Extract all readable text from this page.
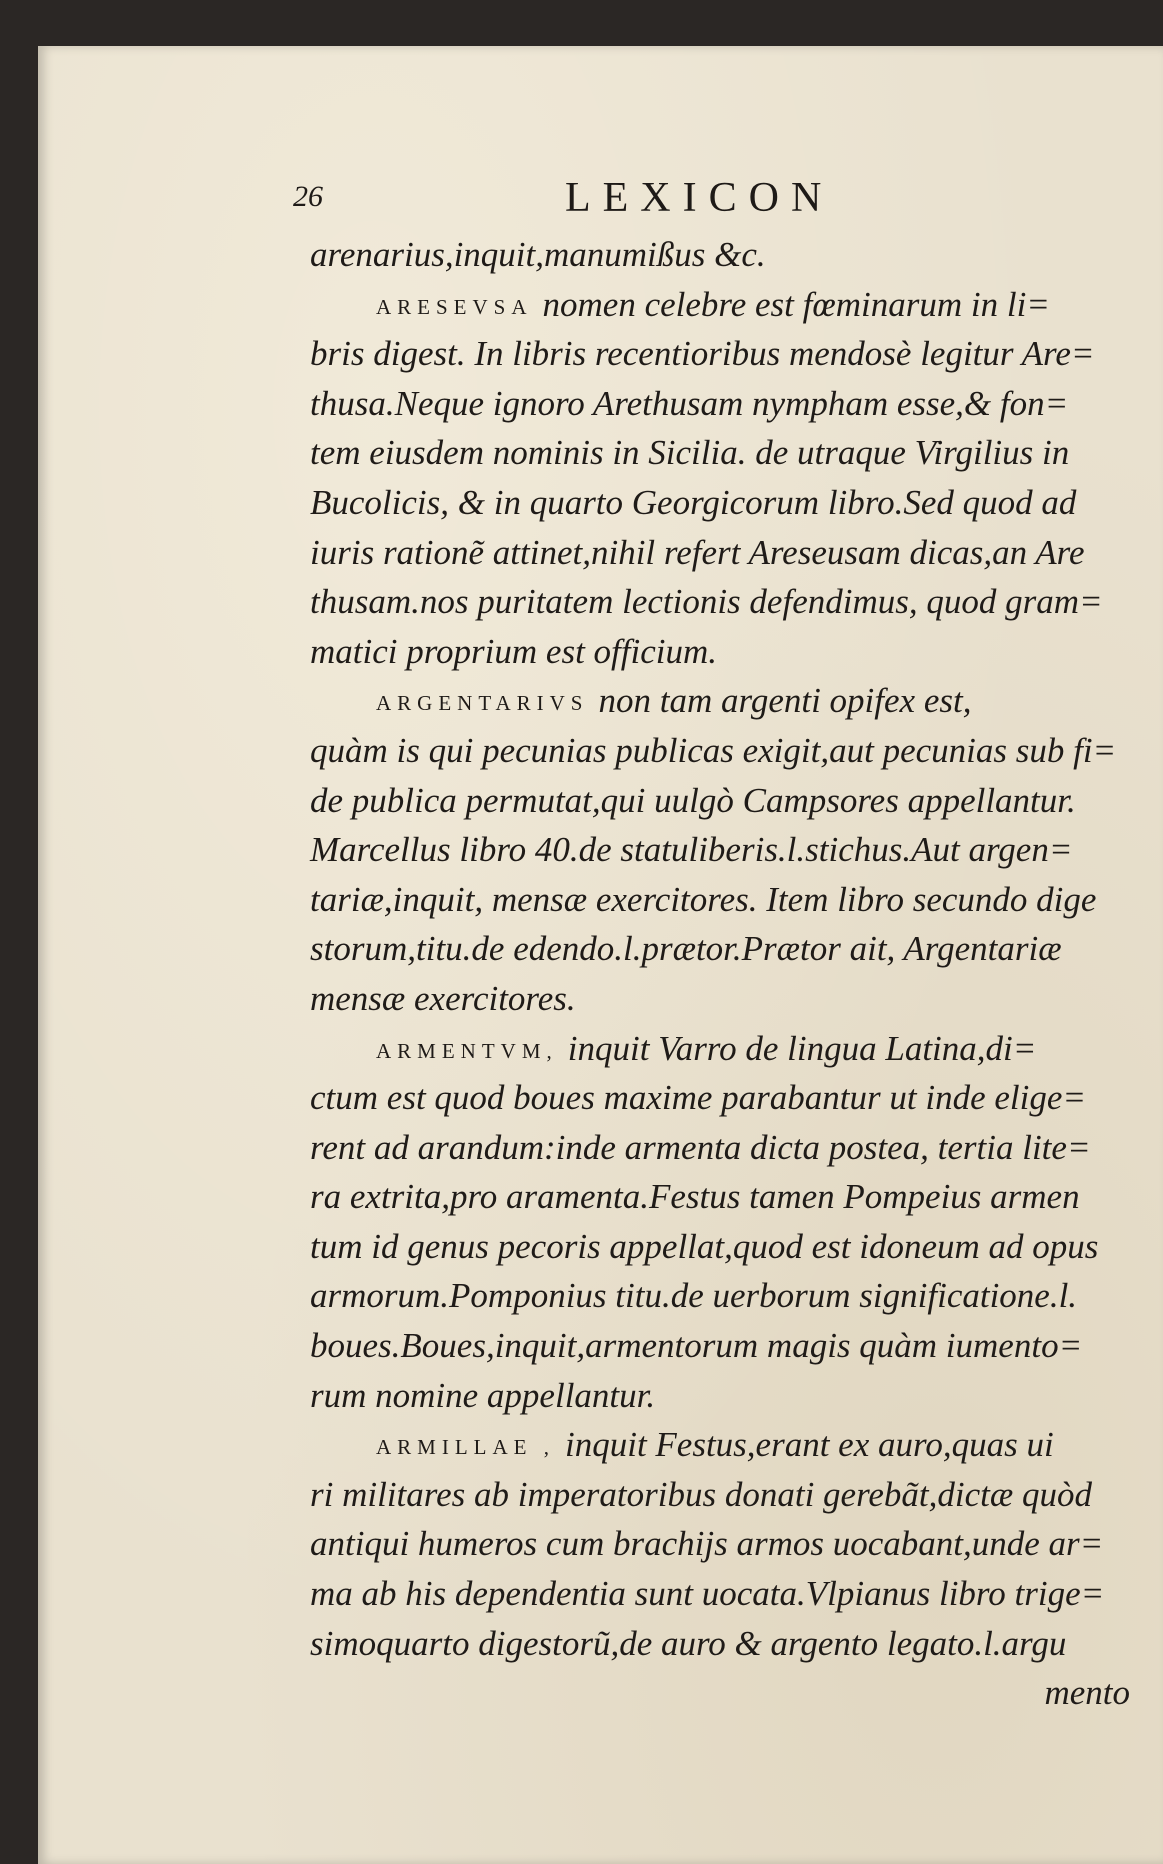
26	LEXICON
arenarius,inquit,manumißus &c.
ARESEVSA nomen celebre est fœminarum in li=
bris digest. In libris recentioribus mendosè legitur Are=
thusa.Neque ignoro Arethusam nympham esse,& fon=
tem eiusdem nominis in Sicilia. de utraque Virgilius in
Bucolicis, & in quarto Georgicorum libro.Sed quod ad
iuris rationẽ attinet,nihil refert Areseusam dicas,an Are
thusam.nos puritatem lectionis defendimus, quod gram=
matici proprium est officium.
ARGENTARIVS non tam argenti opifex est,
quàm is qui pecunias publicas exigit,aut pecunias sub fi=
de publica permutat,qui uulgò Campsores appellantur.
Marcellus libro 40.de statuliberis.l.stichus.Aut argen=
tariæ,inquit, mensæ exercitores. Item libro secundo dige
storum,titu.de edendo.l.prætor.Prætor ait, Argentariæ
mensæ exercitores.
ARMENTVM, inquit Varro de lingua Latina,di=
ctum est quod boues maxime parabantur ut inde elige=
rent ad arandum:inde armenta dicta postea, tertia lite=
ra extrita,pro aramenta.Festus tamen Pompeius armen
tum id genus pecoris appellat,quod est idoneum ad opus
armorum.Pomponius titu.de uerborum significatione.l.
boues.Boues,inquit,armentorum magis quàm iumento=
rum nomine appellantur.
ARMILLAE , inquit Festus,erant ex auro,quas ui
ri militares ab imperatoribus donati gerebãt,dictæ quòd
antiqui humeros cum brachijs armos uocabant,unde ar=
ma ab his dependentia sunt uocata.Vlpianus libro trige=
simoquarto digestorũ,de auro & argento legato.l.argu
mento
